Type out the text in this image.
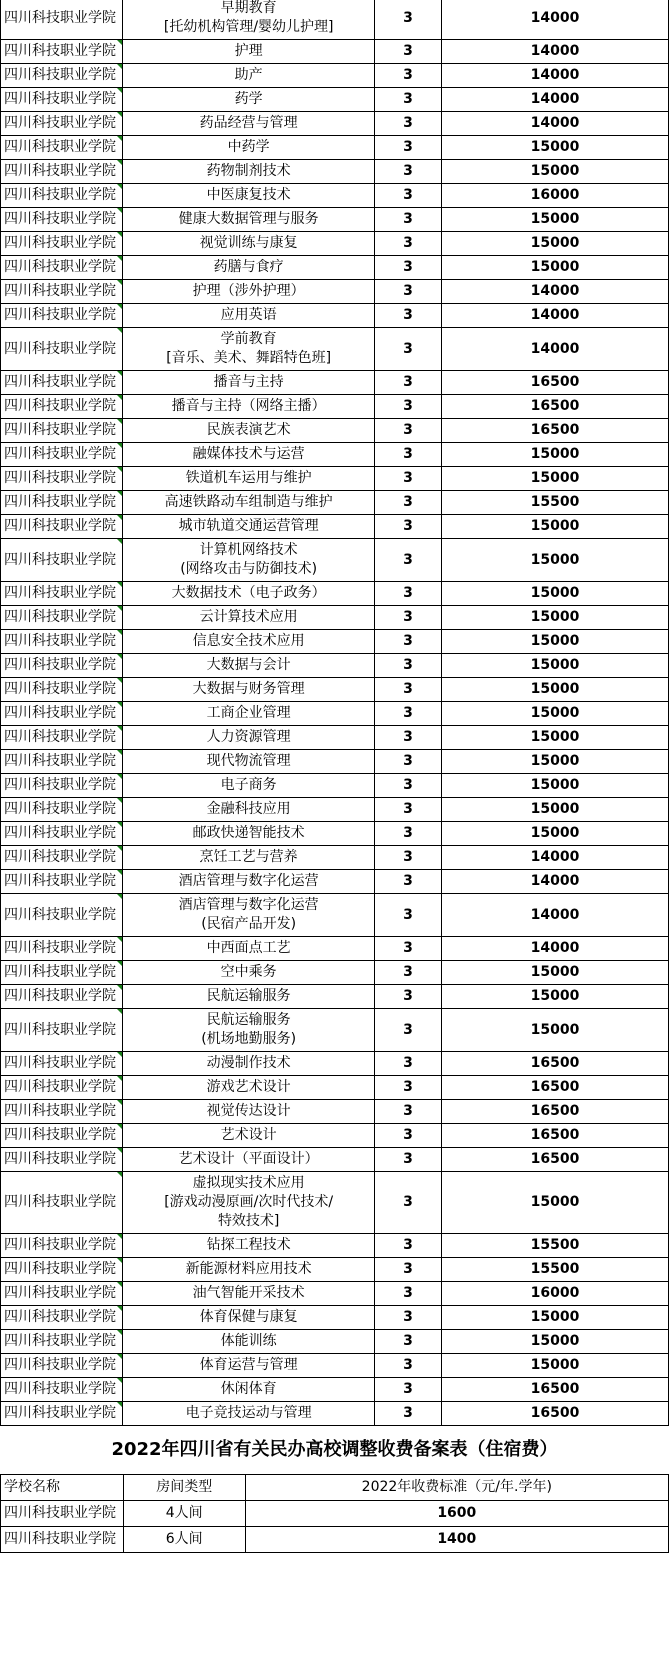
四川科技职业学院	早期教育
[托幼机构管理/婴幼儿护理]	3	14000
四川科技职业学院	护理	3	14000
四川科技职业学院	助产	3	14000
四川科技职业学院	药学	3	14000
四川科技职业学院	药品经营与管理	3	14000
四川科技职业学院	中药学	3	15000
四川科技职业学院	药物制剂技术	3	15000
四川科技职业学院	中医康复技术	3	16000
四川科技职业学院	健康大数据管理与服务	3	15000
四川科技职业学院	视觉训练与康复	3	15000
四川科技职业学院	药膳与食疗	3	15000
四川科技职业学院	护理（涉外护理）	3	14000
四川科技职业学院	应用英语	3	14000
四川科技职业学院	学前教育
[音乐、美术、舞蹈特色班]	3	14000
四川科技职业学院	播音与主持	3	16500
四川科技职业学院	播音与主持（网络主播）	3	16500
四川科技职业学院	民族表演艺术	3	16500
四川科技职业学院	融媒体技术与运营	3	15000
四川科技职业学院	铁道机车运用与维护	3	15000
四川科技职业学院	高速铁路动车组制造与维护	3	15500
四川科技职业学院	城市轨道交通运营管理	3	15000
四川科技职业学院	计算机网络技术
(网络攻击与防御技术)	3	15000
四川科技职业学院	大数据技术（电子政务）	3	15000
四川科技职业学院	云计算技术应用	3	15000
四川科技职业学院	信息安全技术应用	3	15000
四川科技职业学院	大数据与会计	3	15000
四川科技职业学院	大数据与财务管理	3	15000
四川科技职业学院	工商企业管理	3	15000
四川科技职业学院	人力资源管理	3	15000
四川科技职业学院	现代物流管理	3	15000
四川科技职业学院	电子商务	3	15000
四川科技职业学院	金融科技应用	3	15000
四川科技职业学院	邮政快递智能技术	3	15000
四川科技职业学院	烹饪工艺与营养	3	14000
四川科技职业学院	酒店管理与数字化运营	3	14000
四川科技职业学院	酒店管理与数字化运营
(民宿产品开发)	3	14000
四川科技职业学院	中西面点工艺	3	14000
四川科技职业学院	空中乘务	3	15000
四川科技职业学院	民航运输服务	3	15000
四川科技职业学院	民航运输服务
(机场地勤服务)	3	15000
四川科技职业学院	动漫制作技术	3	16500
四川科技职业学院	游戏艺术设计	3	16500
四川科技职业学院	视觉传达设计	3	16500
四川科技职业学院	艺术设计	3	16500
四川科技职业学院	艺术设计（平面设计）	3	16500
四川科技职业学院	虚拟现实技术应用
[游戏动漫原画/次时代技术/
特效技术]	3	15000
四川科技职业学院	钻探工程技术	3	15500
四川科技职业学院	新能源材料应用技术	3	15500
四川科技职业学院	油气智能开采技术	3	16000
四川科技职业学院	体育保健与康复	3	15000
四川科技职业学院	体能训练	3	15000
四川科技职业学院	体育运营与管理	3	15000
四川科技职业学院	休闲体育	3	16500
四川科技职业学院	电子竞技运动与管理	3	16500
2022年四川省有关民办高校调整收费备案表（住宿费）
学校名称	房间类型	2022年收费标准（元/年.学年)
四川科技职业学院	4人间	1600
四川科技职业学院	6人间	1400
